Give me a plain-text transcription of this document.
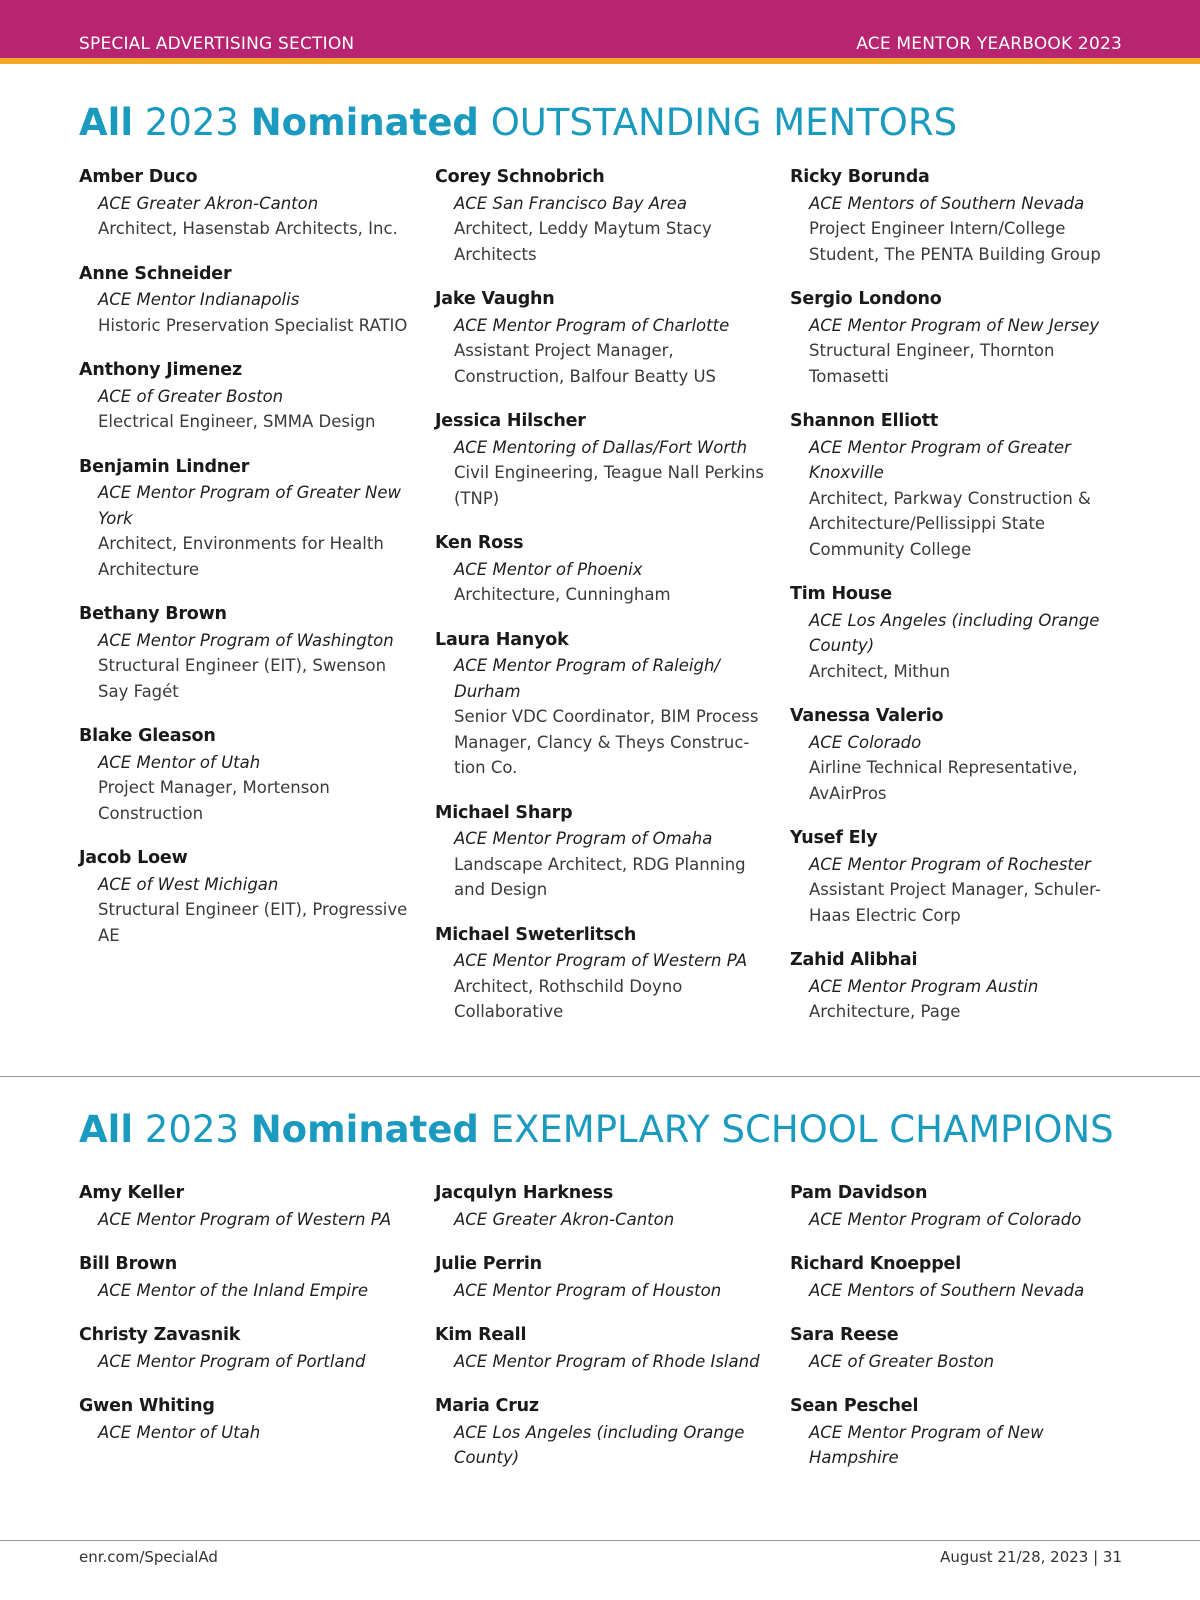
SPECIAL ADVERTISING SECTION	ACE MENTOR YEARBOOK 2023
All 2023 Nominated OUTSTANDING MENTORS
Amber Duco
ACE Greater Akron-Canton
Architect, Hasenstab Architects, Inc.
Anne Schneider
ACE Mentor Indianapolis
Historic Preservation Specialist RATIO
Anthony Jimenez
ACE of Greater Boston
Electrical Engineer, SMMA Design
Benjamin Lindner
ACE Mentor Program of Greater New York
Architect, Environments for Health Architecture
Bethany Brown
ACE Mentor Program of Washington
Structural Engineer (EIT), Swenson Say Fagét
Blake Gleason
ACE Mentor of Utah
Project Manager, Mortenson Construction
Jacob Loew
ACE of West Michigan
Structural Engineer (EIT), Progressive AE
Corey Schnobrich
ACE San Francisco Bay Area
Architect, Leddy Maytum Stacy Architects
Jake Vaughn
ACE Mentor Program of Charlotte
Assistant Project Manager, Construction, Balfour Beatty US
Jessica Hilscher
ACE Mentoring of Dallas/Fort Worth
Civil Engineering, Teague Nall Perkins (TNP)
Ken Ross
ACE Mentor of Phoenix
Architecture, Cunningham
Laura Hanyok
ACE Mentor Program of Raleigh/ Durham
Senior VDC Coordinator, BIM Process Manager, Clancy & Theys Construc- tion Co.
Michael Sharp
ACE Mentor Program of Omaha
Landscape Architect, RDG Planning and Design
Michael Sweterlitsch
ACE Mentor Program of Western PA
Architect, Rothschild Doyno Collaborative
Ricky Borunda
ACE Mentors of Southern Nevada
Project Engineer Intern/College Student, The PENTA Building Group
Sergio Londono
ACE Mentor Program of New Jersey
Structural Engineer, Thornton Tomasetti
Shannon Elliott
ACE Mentor Program of Greater Knoxville
Architect, Parkway Construction & Architecture/Pellissippi State Community College
Tim House
ACE Los Angeles (including Orange County)
Architect, Mithun
Vanessa Valerio
ACE Colorado
Airline Technical Representative, AvAirPros
Yusef Ely
ACE Mentor Program of Rochester
Assistant Project Manager, Schuler-Haas Electric Corp
Zahid Alibhai
ACE Mentor Program Austin
Architecture, Page
All 2023 Nominated EXEMPLARY SCHOOL CHAMPIONS
Amy Keller
ACE Mentor Program of Western PA
Bill Brown
ACE Mentor of the Inland Empire
Christy Zavasnik
ACE Mentor Program of Portland
Gwen Whiting
ACE Mentor of Utah
Jacqulyn Harkness
ACE Greater Akron-Canton
Julie Perrin
ACE Mentor Program of Houston
Kim Reall
ACE Mentor Program of Rhode Island
Maria Cruz
ACE Los Angeles (including Orange County)
Pam Davidson
ACE Mentor Program of Colorado
Richard Knoeppel
ACE Mentors of Southern Nevada
Sara Reese
ACE of Greater Boston
Sean Peschel
ACE Mentor Program of New Hampshire
enr.com/SpecialAd	August 21/28, 2023 | 31
